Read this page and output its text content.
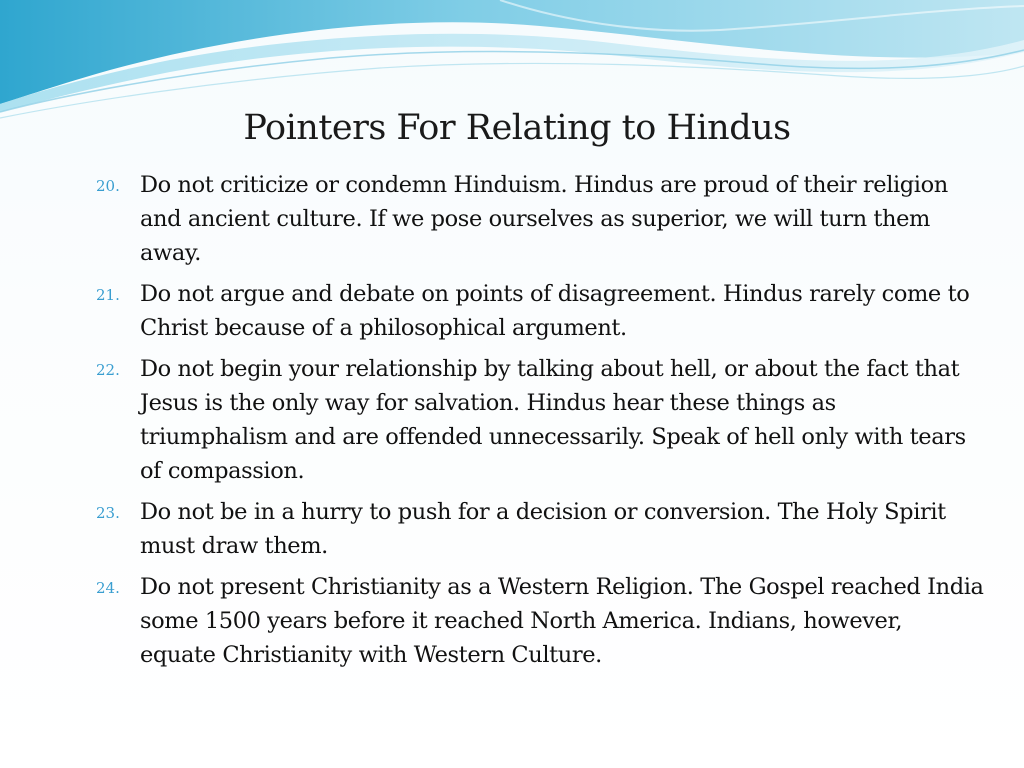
Pointers For Relating to Hindus
20. Do not criticize or condemn Hinduism. Hindus are proud of their religion and ancient culture. If we pose ourselves as superior, we will turn them away.
21. Do not argue and debate on points of disagreement. Hindus rarely come to Christ because of a philosophical argument.
22. Do not begin your relationship by talking about hell, or about the fact that Jesus is the only way for salvation. Hindus hear these things as triumphalism and are offended unnecessarily. Speak of hell only with tears of compassion.
23. Do not be in a hurry to push for a decision or conversion. The Holy Spirit must draw them.
24. Do not present Christianity as a Western Religion. The Gospel reached India some 1500 years before it reached North America. Indians, however, equate Christianity with Western Culture.
